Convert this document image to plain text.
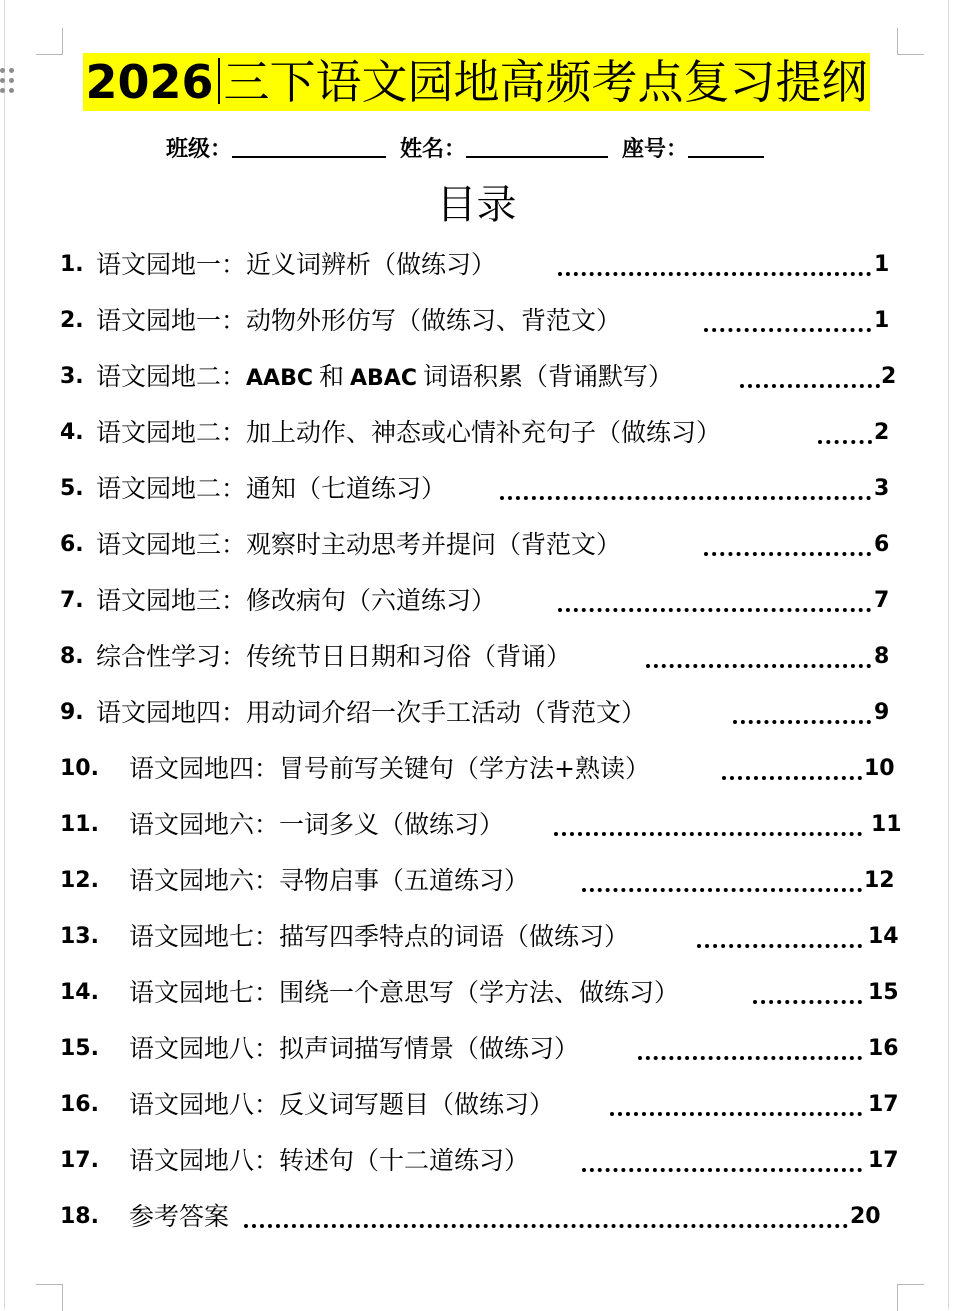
2026 三下语文园地高频考点复习提纲
班级：	姓名：	座号：
目录
1. 语文园地一：近义词辨析（做练习）	1
2. 语文园地一：动物外形仿写（做练习、背范文）	1
3. 语文园地二：AABC 和 ABAC 词语积累（背诵默写）	2
4. 语文园地二：加上动作、神态或心情补充句子（做练习）	2
5. 语文园地二：通知（七道练习）	3
6. 语文园地三：观察时主动思考并提问（背范文）	6
7. 语文园地三：修改病句（六道练习）	7
8. 综合性学习：传统节日日期和习俗（背诵）	8
9. 语文园地四：用动词介绍一次手工活动（背范文）	9
10. 语文园地四：冒号前写关键句（学方法+熟读）	10
11. 语文园地六：一词多义（做练习）	11
12. 语文园地六：寻物启事（五道练习）	12
13. 语文园地七：描写四季特点的词语（做练习）	14
14. 语文园地七：围绕一个意思写（学方法、做练习）	15
15. 语文园地八：拟声词描写情景（做练习）	16
16. 语文园地八：反义词写题目（做练习）	17
17. 语文园地八：转述句（十二道练习）	17
18. 参考答案	20
